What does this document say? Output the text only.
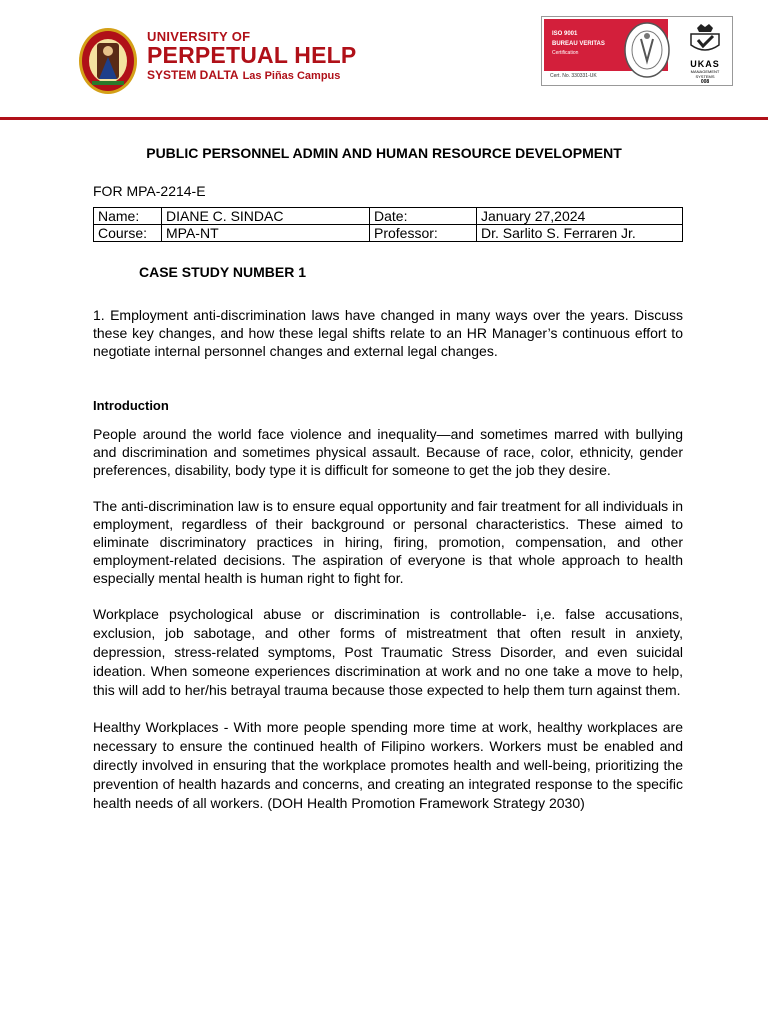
UNIVERSITY OF
PERPETUAL HELP
SYSTEM DALTA Las Piñas Campus
ISO 9001
BUREAU VERITAS
Certification
Cert. No. 330331-UK
UKAS
MANAGEMENT SYSTEMS
008
PUBLIC PERSONNEL ADMIN AND HUMAN RESOURCE DEVELOPMENT
FOR MPA-2214-E
Name:	DIANE C. SINDAC	Date:	January 27,2024
Course:	MPA-NT	Professor:	Dr. Sarlito S. Ferraren Jr.
CASE STUDY NUMBER 1

1. Employment anti-discrimination laws have changed in many ways over the years. Discuss these key changes, and how these legal shifts relate to an HR Manager’s continuous effort to negotiate internal personnel changes and external legal changes.

Introduction

People around the world face violence and inequality—and sometimes marred with bullying and discrimination and sometimes physical assault. Because of race, color, ethnicity, gender preferences, disability, body type it is difficult for someone to get the job they desire.

The anti-discrimination law is to ensure equal opportunity and fair treatment for all individuals in employment, regardless of their background or personal characteristics. These aimed to eliminate discriminatory practices in hiring, firing, promotion, compensation, and other employment-related decisions. The aspiration of everyone is that whole approach to health especially mental health is human right to fight for.

Workplace psychological abuse or discrimination is controllable- i,e. false accusations, exclusion, job sabotage, and other forms of mistreatment that often result in anxiety, depression, stress-related symptoms, Post Traumatic Stress Disorder, and even suicidal ideation. When someone experiences discrimination at work and no one take a move to help, this will add to her/his betrayal trauma because those expected to help them turn against them.

Healthy Workplaces - With more people spending more time at work, healthy workplaces are necessary to ensure the continued health of Filipino workers. Workers must be enabled and directly involved in ensuring that the workplace promotes health and well-being, prioritizing the prevention of health hazards and concerns, and creating an integrated response to the specific health needs of all workers. (DOH Health Promotion Framework Strategy 2030)
